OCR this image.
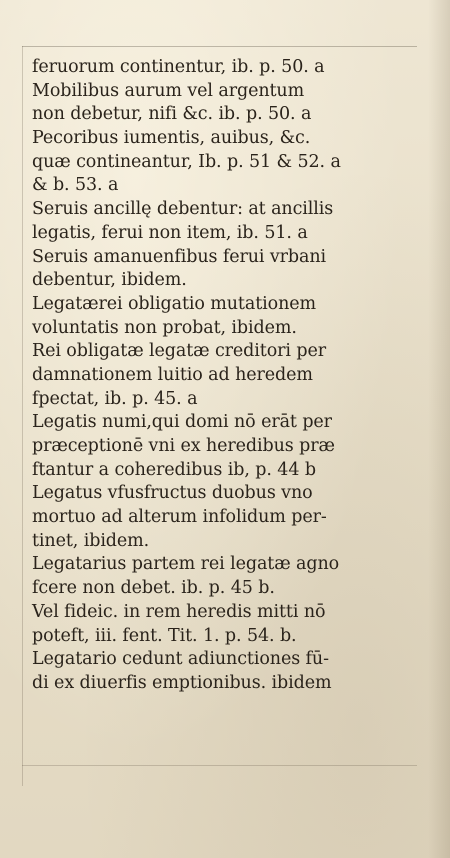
feruorum continentur, ib. p. 50. a
Mobilibus aurum vel argentum
non debetur, nifi &c. ib. p. 50. a
Pecoribus iumentis, auibus, &c.
quæ contineantur, Ib. p. 51 & 52. a
& b. 53. a
Seruis ancillę debentur: at ancillis
legatis, ferui non item, ib. 51. a
Seruis amanuenfibus ferui vrbani
debentur, ibidem.
Legatærei obligatio mutationem
voluntatis non probat, ibidem.
Rei obligatæ legatæ creditori per
damnationem luitio ad heredem
fpectat, ib. p. 45. a
Legatis numi,qui domi nō erāt per
præceptionē vni ex heredibus præ
ftantur a coheredibus ib, p. 44 b
Legatus vfusfructus duobus vno
mortuo ad alterum infolidum per-
tinet, ibidem.
Legatarius partem rei legatæ agno
fcere non debet. ib. p. 45 b.
Vel fideic. in rem heredis mitti nō
poteft, iii. fent. Tit. 1. p. 54. b.
Legatario cedunt adiunctiones fū-
di ex diuerfis emptionibus. ibidem
